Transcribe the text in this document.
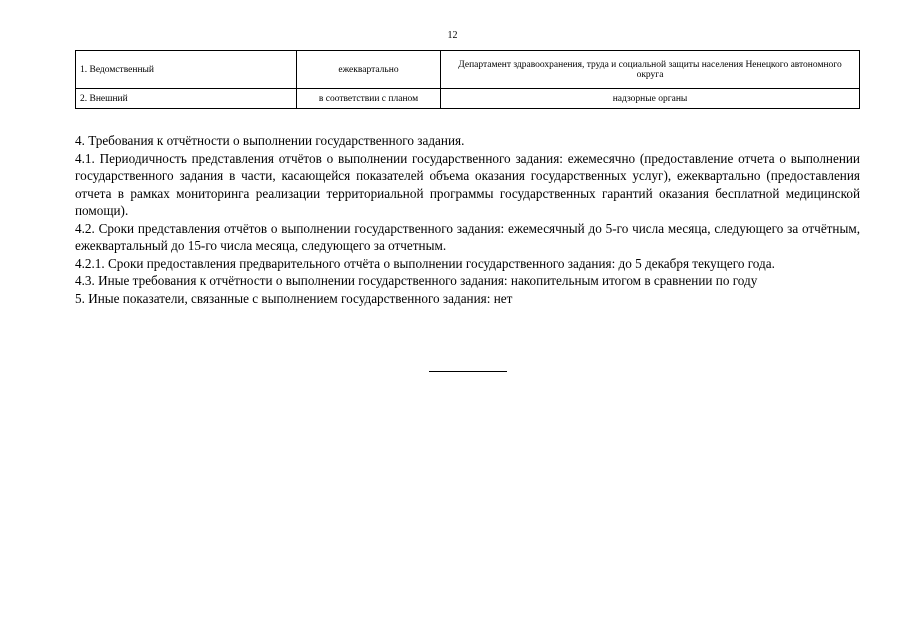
12
1. Ведомственный	ежеквартально	Департамент здравоохранения, труда и социальной защиты населения Ненецкого автономного округа
2. Внешний	в соответствии с планом	надзорные органы

4. Требования к отчётности о выполнении государственного задания.

4.1. Периодичность представления отчётов о выполнении государственного задания: ежемесячно (предоставление отчета о выполнении государственного задания в части, касающейся показателей объема оказания государственных услуг), ежеквартально (предоставления отчета в рамках мониторинга реализации территориальной программы государственных гарантий оказания бесплатной медицинской помощи).

4.2. Сроки представления отчётов о выполнении государственного задания: ежемесячный до 5-го числа месяца, следующего за отчётным, ежеквартальный до 15-го числа месяца, следующего за отчетным.

4.2.1. Сроки предоставления предварительного отчёта о выполнении государственного задания: до 5 декабря текущего года.

4.3. Иные требования к отчётности о выполнении государственного задания: накопительным итогом в сравнении по году

5. Иные показатели, связанные с выполнением государственного задания: нет
